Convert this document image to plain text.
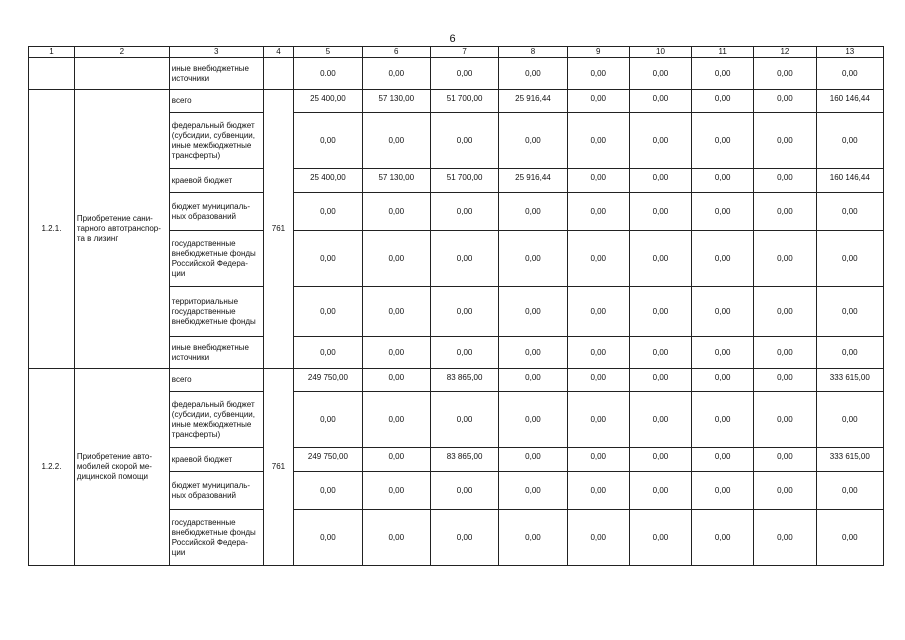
6
1	2	3	4	5	6	7	8	9	10	11	12	13
		иные внебюджетные источники		0.00	0,00	0,00	0,00	0,00	0,00	0,00	0,00	0,00
1.2.1.	Приобретение сани-тарного автотранспор-та в лизинг	всего	761	25 400,00	57 130,00	51 700,00	25 916,44	0,00	0,00	0,00	0,00	160 146,44
		федеральный бюджет (субсидии, субвенции, иные межбюджетные трансферты)		0,00	0,00	0,00	0,00	0,00	0,00	0,00	0,00	0,00
		краевой бюджет		25 400,00	57 130,00	51 700,00	25 916,44	0,00	0,00	0,00	0,00	160 146,44
		бюджет муниципаль-ных образований		0,00	0,00	0,00	0,00	0,00	0,00	0,00	0,00	0,00
		государственные внебюджетные фонды Российской Федера-ции		0,00	0,00	0,00	0,00	0,00	0,00	0,00	0,00	0,00
		территориальные государственные внебюджетные фонды		0,00	0,00	0,00	0,00	0,00	0,00	0,00	0,00	0,00
		иные внебюджетные источники		0,00	0,00	0,00	0,00	0,00	0,00	0,00	0,00	0,00
1.2.2.	Приобретение авто-мобилей скорой ме-дицинской помощи	всего	761	249 750,00	0,00	83 865,00	0,00	0,00	0,00	0,00	0,00	333 615,00
		федеральный бюджет (субсидии, субвенции, иные межбюджетные трансферты)		0,00	0,00	0,00	0,00	0,00	0,00	0,00	0,00	0,00
		краевой бюджет		249 750,00	0,00	83 865,00	0,00	0,00	0,00	0,00	0,00	333 615,00
		бюджет муниципаль-ных образований		0,00	0,00	0,00	0,00	0,00	0,00	0,00	0,00	0,00
		государственные внебюджетные фонды Российской Федера-ции		0,00	0,00	0,00	0,00	0,00	0,00	0,00	0,00	0,00
